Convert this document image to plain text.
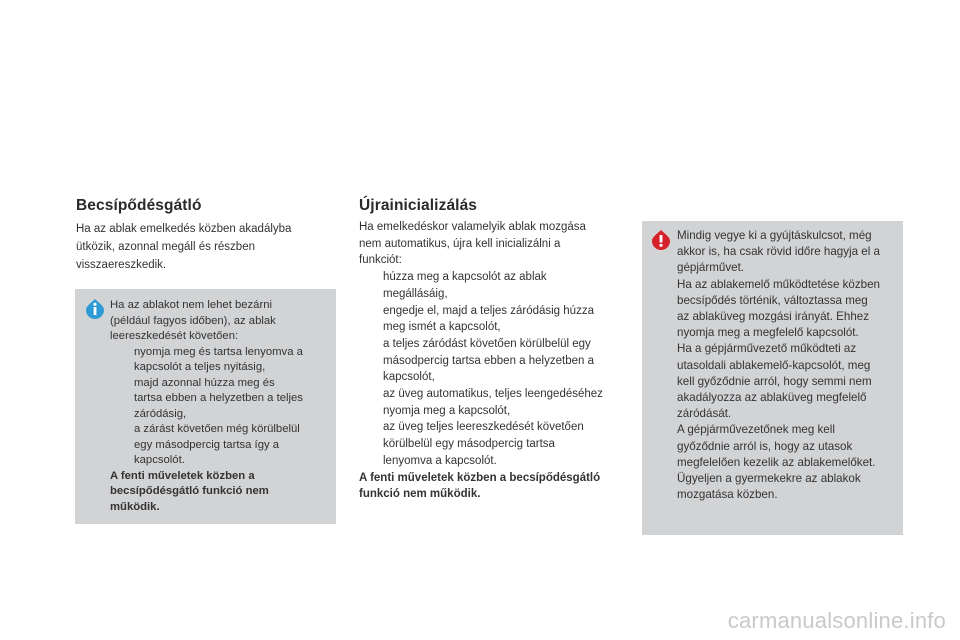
Becsípődésgátló
Ha az ablak emelkedés közben akadályba
ütközik, azonnal megáll és részben
visszaereszkedik.
Ha az ablakot nem lehet bezárni
(például fagyos időben), az ablak
leereszkedését követően:
nyomja meg és tartsa lenyomva a
kapcsolót a teljes nyitásig,
majd azonnal húzza meg és
tartsa ebben a helyzetben a teljes
záródásig,
a zárást követően még körülbelül
egy másodpercig tartsa így a
kapcsolót.
A fenti műveletek közben a
becsípődésgátló funkció nem
működik.
Újrainicializálás
Ha emelkedéskor valamelyik ablak mozgása
nem automatikus, újra kell inicializálni a
funkciót:
húzza meg a kapcsolót az ablak
megállásáig,
engedje el, majd a teljes záródásig húzza
meg ismét a kapcsolót,
a teljes záródást követően körülbelül egy
másodpercig tartsa ebben a helyzetben a
kapcsolót,
az üveg automatikus, teljes leengedéséhez
nyomja meg a kapcsolót,
az üveg teljes leereszkedését követően
körülbelül egy másodpercig tartsa
lenyomva a kapcsolót.
A fenti műveletek közben a becsípődésgátló
funkció nem működik.
Mindig vegye ki a gyújtáskulcsot, még
akkor is, ha csak rövid időre hagyja el a
gépjárművet.
Ha az ablakemelő működtetése közben
becsípődés történik, változtassa meg
az ablaküveg mozgási irányát. Ehhez
nyomja meg a megfelelő kapcsolót.
Ha a gépjárművezető működteti az
utasoldali ablakemelő-kapcsolót, meg
kell győződnie arról, hogy semmi nem
akadályozza az ablaküveg megfelelő
záródását.
A gépjárművezetőnek meg kell
győződnie arról is, hogy az utasok
megfelelően kezelik az ablakemelőket.
Ügyeljen a gyermekekre az ablakok
mozgatása közben.
carmanualsonline.info
